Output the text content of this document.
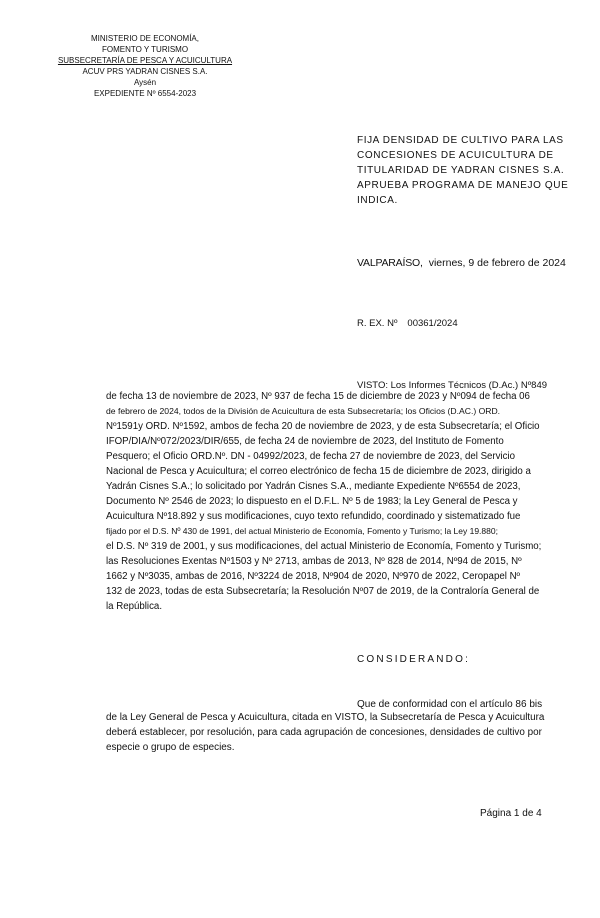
MINISTERIO DE ECONOMÍA,
FOMENTO Y TURISMO
SUBSECRETARÍA DE PESCA Y ACUICULTURA
ACUV PRS YADRAN CISNES S.A.
Aysén
EXPEDIENTE Nº 6554-2023
FIJA DENSIDAD DE CULTIVO PARA LAS
CONCESIONES DE ACUICULTURA DE
TITULARIDAD DE YADRAN CISNES S.A.
APRUEBA PROGRAMA DE MANEJO QUE
INDICA.
VALPARAÍSO, viernes, 9 de febrero de 2024
R. EX. Nº 00361/2024
VISTO: Los Informes Técnicos (D.Ac.) Nº849
de fecha 13 de noviembre de 2023, Nº 937 de fecha 15 de diciembre de 2023 y Nº094 de fecha 06
de febrero de 2024, todos de la División de Acuicultura de esta Subsecretaría; los Oficios (D.AC.) ORD.
Nº1591y ORD. Nº1592, ambos de fecha 20 de noviembre de 2023, y de esta Subsecretaría; el Oficio
IFOP/DIA/Nº072/2023/DIR/655, de fecha 24 de noviembre de 2023, del Instituto de Fomento
Pesquero; el Oficio ORD.Nº. DN - 04992/2023, de fecha 27 de noviembre de 2023, del Servicio
Nacional de Pesca y Acuicultura; el correo electrónico de fecha 15 de diciembre de 2023, dirigido a
Yadrán Cisnes S.A.; lo solicitado por Yadrán Cisnes S.A., mediante Expediente Nº6554 de 2023,
Documento Nº 2546 de 2023; lo dispuesto en el D.F.L. Nº 5 de 1983; la Ley General de Pesca y
Acuicultura Nº18.892 y sus modificaciones, cuyo texto refundido, coordinado y sistematizado fue
fijado por el D.S. Nº 430 de 1991, del actual Ministerio de Economía, Fomento y Turismo; la Ley 19.880;
el D.S. Nº 319 de 2001, y sus modificaciones, del actual Ministerio de Economía, Fomento y Turismo;
las Resoluciones Exentas Nº1503 y Nº 2713, ambas de 2013, Nº 828 de 2014, Nº94 de 2015, Nº
1662 y Nº3035, ambas de 2016, Nº3224 de 2018, Nº904 de 2020, Nº970 de 2022, Ceropapel Nº
132 de 2023, todas de esta Subsecretaría; la Resolución Nº07 de 2019, de la Contraloría General de
la República.
CONSIDERANDO:
Que de conformidad con el artículo 86 bis
de la Ley General de Pesca y Acuicultura, citada en VISTO, la Subsecretaría de Pesca y Acuicultura
deberá establecer, por resolución, para cada agrupación de concesiones, densidades de cultivo por
especie o grupo de especies.
Página 1 de 4
